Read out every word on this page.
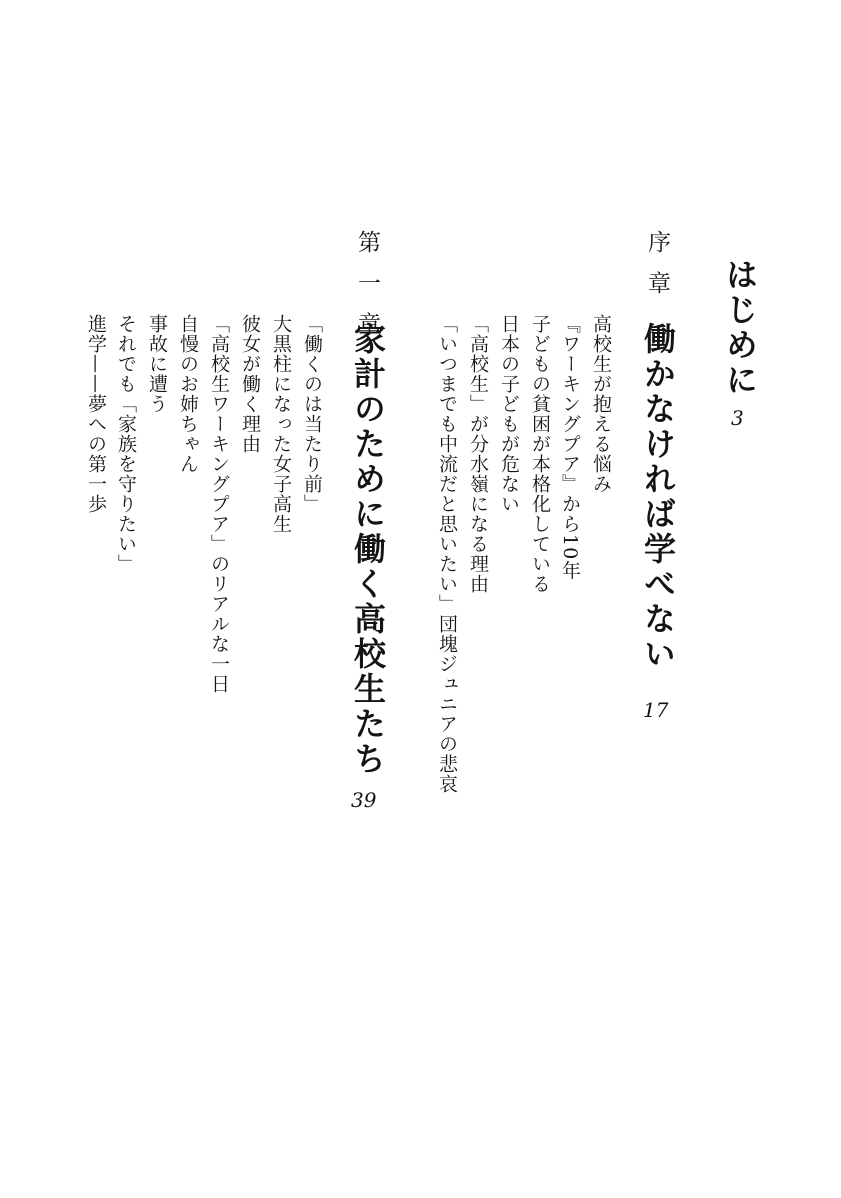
はじめに
3
序章
働かなければ学べない
17
高校生が抱える悩み
『ワーキングプア』から10年
子どもの貧困が本格化している
日本の子どもが危ない
「高校生」が分水嶺になる理由
「いつまでも中流だと思いたい」団塊ジュニアの悲哀
第一章
家計のために働く高校生たち
39
「働くのは当たり前」
大黒柱になった女子高生
彼女が働く理由
「高校生ワーキングプア」のリアルな一日
自慢のお姉ちゃん
事故に遭う
それでも「家族を守りたい」
進学——夢への第一歩
